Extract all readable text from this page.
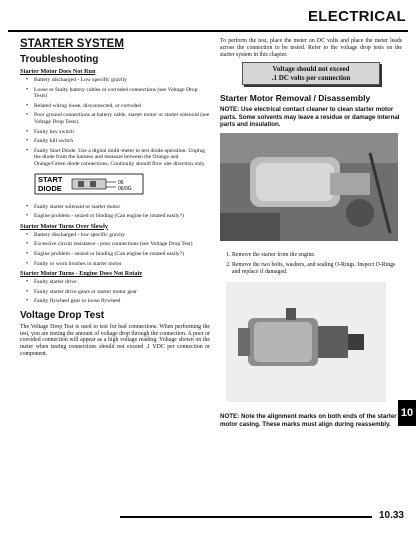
ELECTRICAL
STARTER SYSTEM
Troubleshooting
Starter Motor Does Not Run
• Battery discharged - Low specific gravity
• Loose or faulty battery cables or corroded connections (see Voltage Drop Tests)
• Related wiring loose, disconnected, or corroded
• Poor ground connections at battery cable, starter motor or starter solenoid (see Voltage Drop Tests)
• Faulty key switch
• Faulty kill switch
• Faulty Start Diode. Use a digital multi-meter to test diode operation. Unplug the diode from the harness and measure between the Orange and Orange/Green diode connections. Continuity should flow one direction only.
START
DIODE
06
06/0G
• Faulty starter solenoid or starter motor
• Engine problem - seized or binding (Can engine be rotated easily?)
Starter Motor Turns Over Slowly
• Battery discharged - low specific gravity
• Excessive circuit resistance - poor connections (see Voltage Drop Test)
• Engine problem - seized or binding (Can engine be rotated easily?)
• Faulty or worn brushes in starter motor
Starter Motor Turns - Engine Does Not Rotate
• Faulty starter drive
• Faulty starter drive gears or starter motor gear
• Faulty flywheel gear or loose flywheel
Voltage Drop Test
The Voltage Drop Test is used to test for bad connections. When performing the test, you are testing the amount of voltage drop through the connection. A poor or corroded connection will appear as a high voltage reading. Voltage shown on the meter when testing connections should not exceed .1 VDC per connection or component.
To perform the test, place the meter on DC volts and place the meter leads across the connection to be tested. Refer to the voltage drop tests on the starter system in this chapter.
Voltage should not exceed
.1 DC volts per connection
Starter Motor Removal / Disassembly
NOTE: Use electrical contact cleaner to clean starter motor parts. Some solvents may leave a residue or damage internal parts and insulation.
1. Remove the starter from the engine.
2. Remove the two bolts, washers, and sealing O-Rings. Inspect O-Rings and replace if damaged.
NOTE: Note the alignment marks on both ends of the starter motor casing. These marks must align during reassembly.
10
10.33
